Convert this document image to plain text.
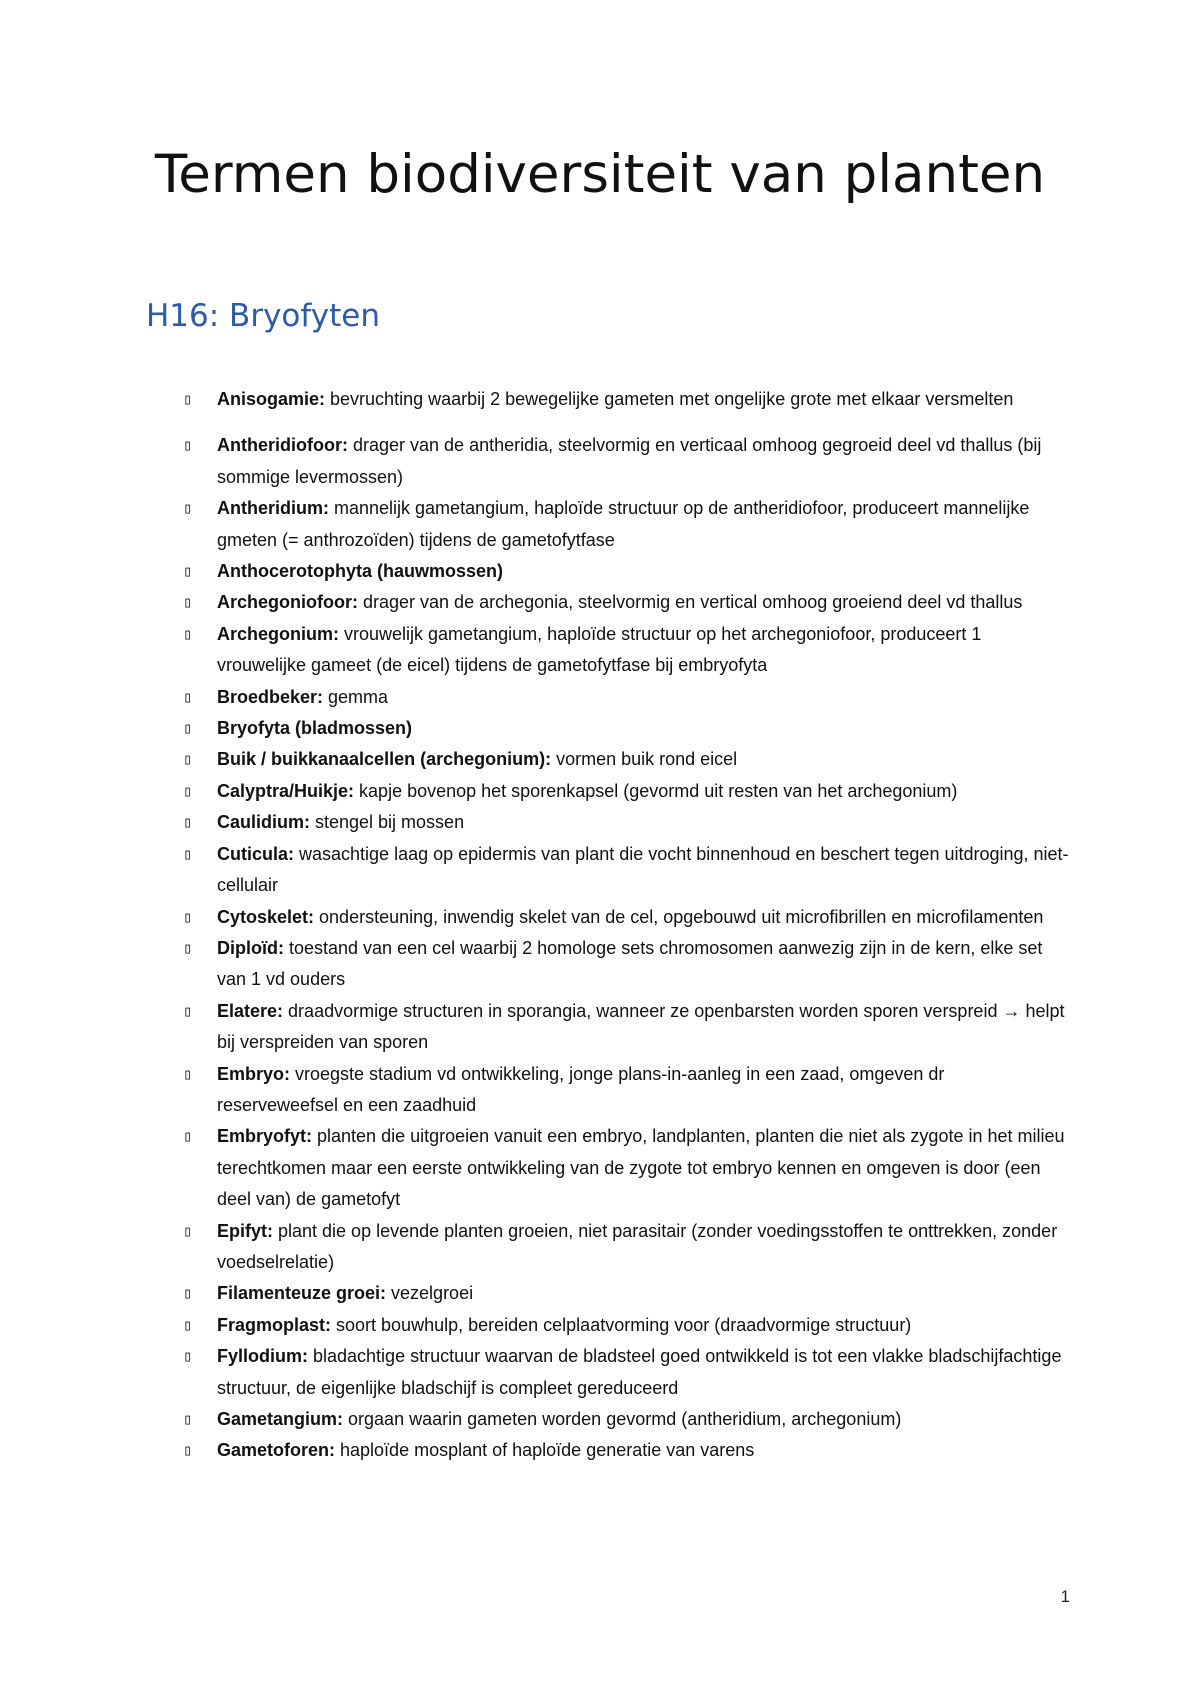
Termen biodiversiteit van planten
H16: Bryofyten
▯ Anisogamie: bevruchting waarbij 2 bewegelijke gameten met ongelijke grote met elkaar versmelten
▯ Antheridiofoor: drager van de antheridia, steelvormig en verticaal omhoog gegroeid deel vd thallus (bij sommige levermossen)
▯ Antheridium: mannelijk gametangium, haploïde structuur op de antheridiofoor, produceert mannelijke gmeten (= anthrozoïden) tijdens de gametofytfase
▯ Anthocerotophyta (hauwmossen)
▯ Archegoniofoor: drager van de archegonia, steelvormig en vertical omhoog groeiend deel vd thallus
▯ Archegonium: vrouwelijk gametangium, haploïde structuur op het archegoniofoor, produceert 1 vrouwelijke gameet (de eicel) tijdens de gametofytfase bij embryofyta
▯ Broedbeker: gemma
▯ Bryofyta (bladmossen)
▯ Buik / buikkanaalcellen (archegonium): vormen buik rond eicel
▯ Calyptra/Huikje: kapje bovenop het sporenkapsel (gevormd uit resten van het archegonium)
▯ Caulidium: stengel bij mossen
▯ Cuticula: wasachtige laag op epidermis van plant die vocht binnenhoud en beschert tegen uitdroging, niet-cellulair
▯ Cytoskelet: ondersteuning, inwendig skelet van de cel, opgebouwd uit microfibrillen en microfilamenten
▯ Diploïd: toestand van een cel waarbij 2 homologe sets chromosomen aanwezig zijn in de kern, elke set van 1 vd ouders
▯ Elatere: draadvormige structuren in sporangia, wanneer ze openbarsten worden sporen verspreid → helpt bij verspreiden van sporen
▯ Embryo: vroegste stadium vd ontwikkeling, jonge plans-in-aanleg in een zaad, omgeven dr reserveweefsel en een zaadhuid
▯ Embryofyt: planten die uitgroeien vanuit een embryo, landplanten, planten die niet als zygote in het milieu terechtkomen maar een eerste ontwikkeling van de zygote tot embryo kennen en omgeven is door (een deel van) de gametofyt
▯ Epifyt: plant die op levende planten groeien, niet parasitair (zonder voedingsstoffen te onttrekken, zonder voedselrelatie)
▯ Filamenteuze groei: vezelgroei
▯ Fragmoplast: soort bouwhulp, bereiden celplaatvorming voor (draadvormige structuur)
▯ Fyllodium: bladachtige structuur waarvan de bladsteel goed ontwikkeld is tot een vlakke bladschijfachtige structuur, de eigenlijke bladschijf is compleet gereduceerd
▯ Gametangium: orgaan waarin gameten worden gevormd (antheridium, archegonium)
▯ Gametoforen: haploïde mosplant of haploïde generatie van varens
1
